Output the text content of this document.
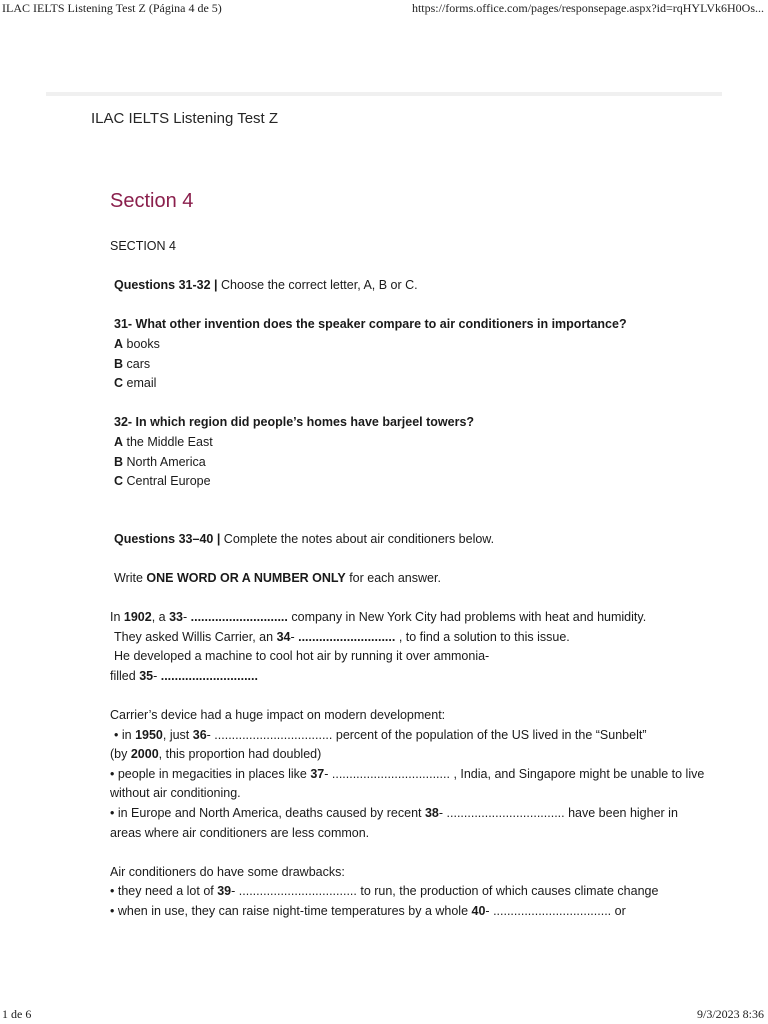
ILAC IELTS Listening Test Z (Página 4 de 5)	https://forms.office.com/pages/responsepage.aspx?id=rqHYLVk6H0Os...
ILAC IELTS Listening Test Z
Section 4

SECTION 4

Questions 31-32 | Choose the correct letter, A, B or C.

31- What other invention does the speaker compare to air conditioners in importance?

A books

B cars

C email

32- In which region did people’s homes have barjeel towers?

A the Middle East

B North America

C Central Europe

Questions 33–40 | Complete the notes about air conditioners below.

Write ONE WORD OR A NUMBER ONLY for each answer.

In 1902, a 33- ............................ company in New York City had problems with heat and humidity.

They asked Willis Carrier, an 34- ............................ , to find a solution to this issue.

He developed a machine to cool hot air by running it over ammonia-

filled 35- ............................

Carrier’s device had a huge impact on modern development:

• in 1950, just 36- .................................. percent of the population of the US lived in the “Sunbelt”

(by 2000, this proportion had doubled)

• people in megacities in places like 37- .................................. , India, and Singapore might be unable to live without air conditioning.

• in Europe and North America, deaths caused by recent 38- .................................. have been higher in areas where air conditioners are less common.

Air conditioners do have some drawbacks:

• they need a lot of 39- .................................. to run, the production of which causes climate change

• when in use, they can raise night-time temperatures by a whole 40- .................................. or

1 de 6	9/3/2023 8:36
